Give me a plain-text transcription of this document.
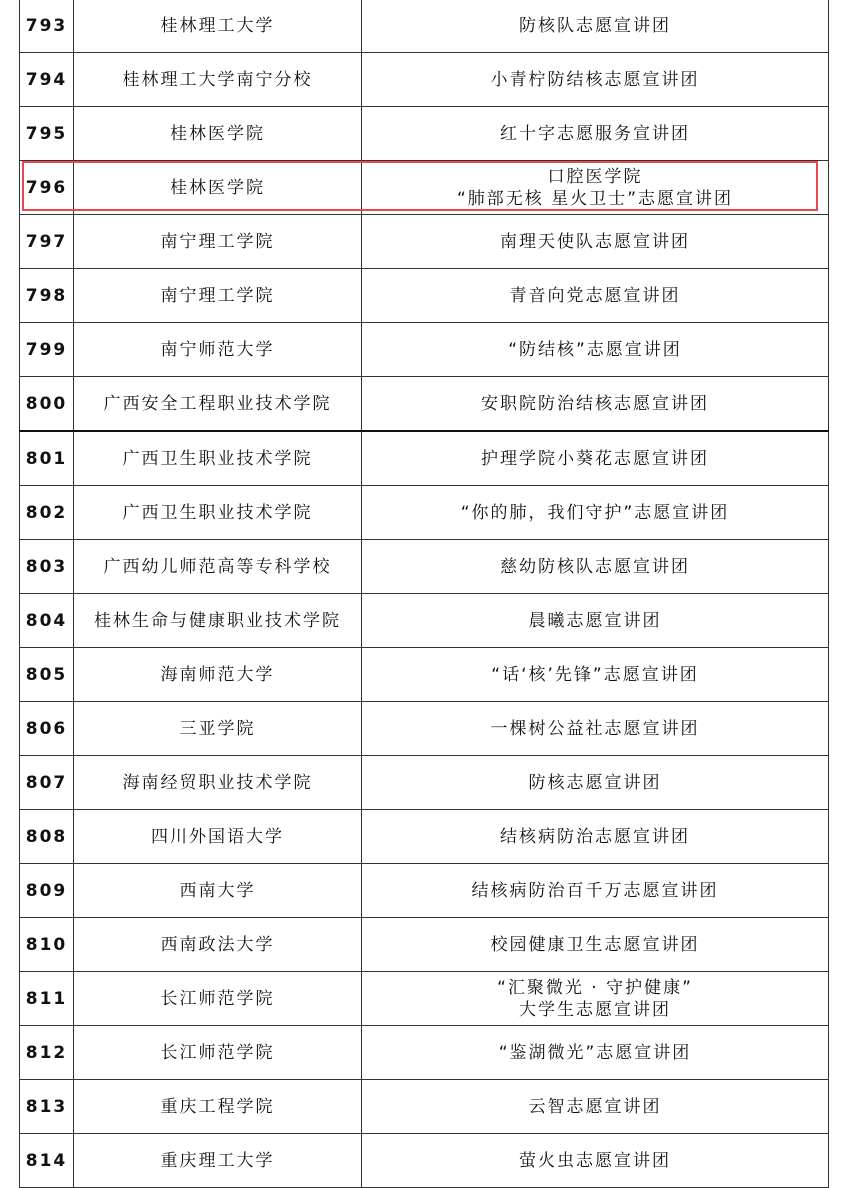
793	桂林理工大学	防核队志愿宣讲团

794	桂林理工大学南宁分校	小青柠防结核志愿宣讲团

795	桂林医学院	红十字志愿服务宣讲团

796	桂林医学院	口腔医学院
“肺部无核 星火卫士”志愿宣讲团

797	南宁理工学院	南理天使队志愿宣讲团

798	南宁理工学院	青音向党志愿宣讲团

799	南宁师范大学	“防结核”志愿宣讲团

800	广西安全工程职业技术学院	安职院防治结核志愿宣讲团

801	广西卫生职业技术学院	护理学院小葵花志愿宣讲团

802	广西卫生职业技术学院	“你的肺，我们守护”志愿宣讲团

803	广西幼儿师范高等专科学校	慈幼防核队志愿宣讲团

804	桂林生命与健康职业技术学院	晨曦志愿宣讲团

805	海南师范大学	“话‘核’先锋”志愿宣讲团

806	三亚学院	一棵树公益社志愿宣讲团

807	海南经贸职业技术学院	防核志愿宣讲团

808	四川外国语大学	结核病防治志愿宣讲团

809	西南大学	结核病防治百千万志愿宣讲团

810	西南政法大学	校园健康卫生志愿宣讲团

811	长江师范学院	“汇聚微光 · 守护健康”
大学生志愿宣讲团

812	长江师范学院	“鉴湖微光”志愿宣讲团

813	重庆工程学院	云智志愿宣讲团

814	重庆理工大学	萤火虫志愿宣讲团
